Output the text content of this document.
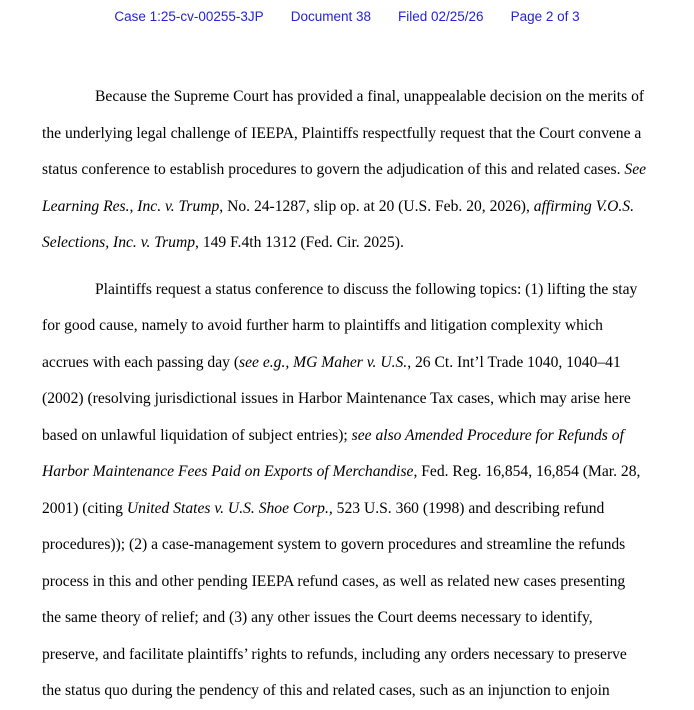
Case 1:25-cv-00255-3JP Document 38 Filed 02/25/26 Page 2 of 3
Because the Supreme Court has provided a final, unappealable decision on the merits of
the underlying legal challenge of IEEPA, Plaintiffs respectfully request that the Court convene a
status conference to establish procedures to govern the adjudication of this and related cases. See
Learning Res., Inc. v. Trump, No. 24-1287, slip op. at 20 (U.S. Feb. 20, 2026), affirming V.O.S.
Selections, Inc. v. Trump, 149 F.4th 1312 (Fed. Cir. 2025).
Plaintiffs request a status conference to discuss the following topics: (1) lifting the stay
for good cause, namely to avoid further harm to plaintiffs and litigation complexity which
accrues with each passing day (see e.g., MG Maher v. U.S., 26 Ct. Int’l Trade 1040, 1040–41
(2002) (resolving jurisdictional issues in Harbor Maintenance Tax cases, which may arise here
based on unlawful liquidation of subject entries); see also Amended Procedure for Refunds of
Harbor Maintenance Fees Paid on Exports of Merchandise, Fed. Reg. 16,854, 16,854 (Mar. 28,
2001) (citing United States v. U.S. Shoe Corp., 523 U.S. 360 (1998) and describing refund
procedures)); (2) a case-management system to govern procedures and streamline the refunds
process in this and other pending IEEPA refund cases, as well as related new cases presenting
the same theory of relief; and (3) any other issues the Court deems necessary to identify,
preserve, and facilitate plaintiffs’ rights to refunds, including any orders necessary to preserve
the status quo during the pendency of this and related cases, such as an injunction to enjoin
